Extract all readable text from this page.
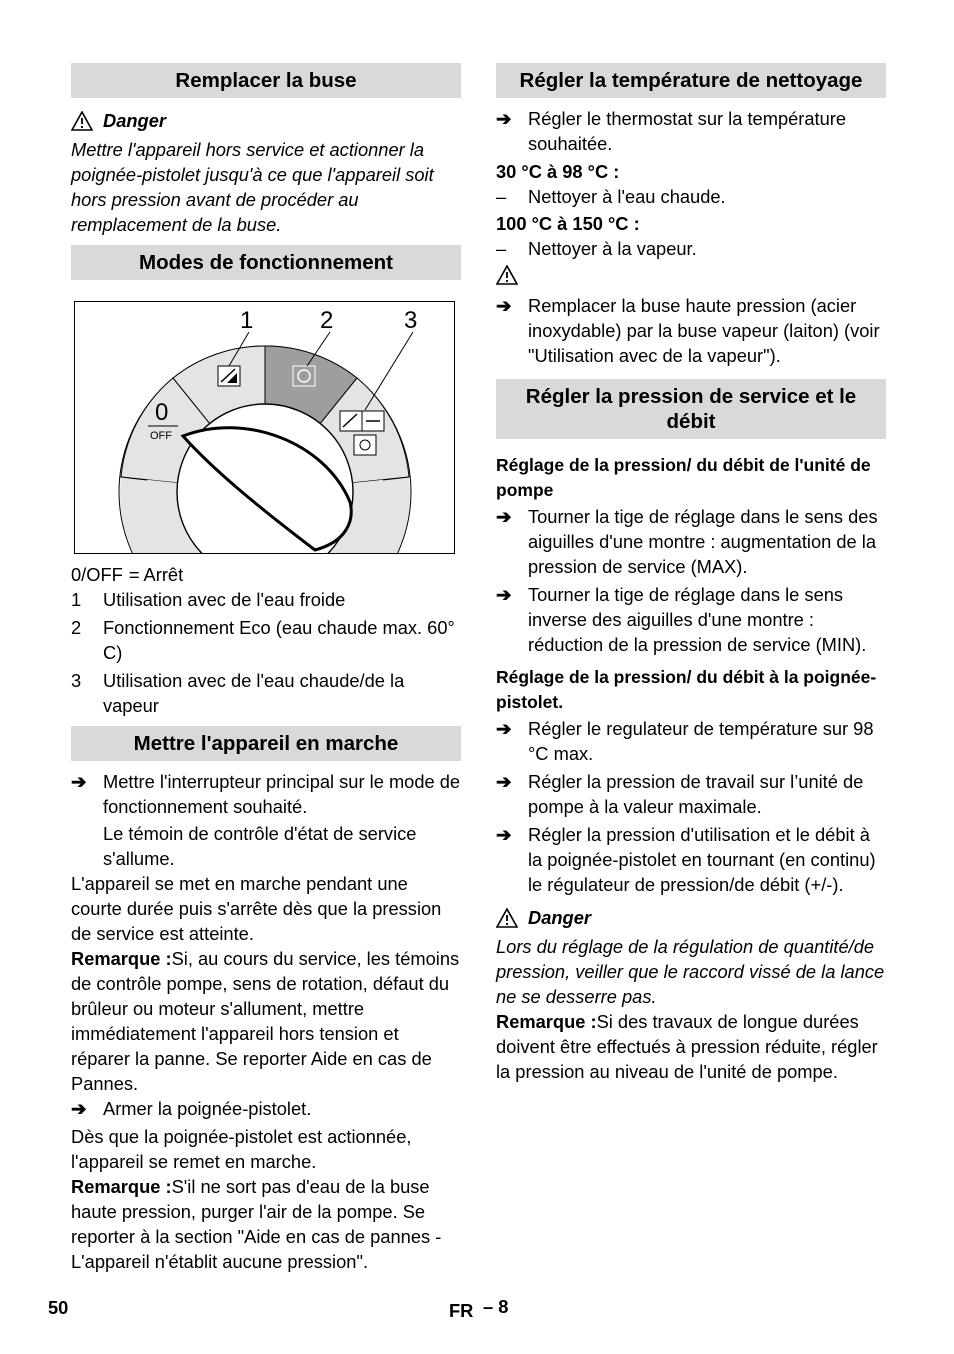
Remplacer la buse
Danger

Mettre l'appareil hors service et actionner la poignée-pistolet jusqu'à ce que l'appareil soit hors pression avant de procéder au remplacement de la buse.

Modes de fonctionnement
1	2	3
0
OFF
0/OFF = Arrêt
1	Utilisation avec de l'eau froide
2	Fonctionnement Eco (eau chaude max. 60° C)
3	Utilisation avec de l'eau chaude/de la vapeur
Mettre l'appareil en marche
➔ Mettre l'interrupteur principal sur le mode de fonctionnement souhaité.

Le témoin de contrôle d'état de service s'allume.

L'appareil se met en marche pendant une courte durée puis s'arrête dès que la pression de service est atteinte.

Remarque :Si, au cours du service, les témoins de contrôle pompe, sens de rotation, défaut du brûleur ou moteur s'allument, mettre immédiatement l'appareil hors tension et réparer la panne. Se reporter Aide en cas de Pannes.

➔ Armer la poignée-pistolet.

Dès que la poignée-pistolet est actionnée, l'appareil se remet en marche.

Remarque :S'il ne sort pas d'eau de la buse haute pression, purger l'air de la pompe. Se reporter à la section "Aide en cas de pannes - L'appareil n'établit aucune pression".

Régler la température de nettoyage
➔ Régler le thermostat sur la température souhaitée.

30 °C à 98 °C :

–	Nettoyer à l'eau chaude.

100 °C à 150 °C :

–	Nettoyer à la vapeur.
➔ Remplacer la buse haute pression (acier inoxydable) par la buse vapeur (laiton) (voir "Utilisation avec de la vapeur").
Régler la pression de service et le débit

Réglage de la pression/ du débit de l'unité de pompe

➔ Tourner la tige de réglage dans le sens des aiguilles d'une montre : augmentation de la pression de service (MAX).
➔ Tourner la tige de réglage dans le sens inverse des aiguilles d'une montre : réduction de la pression de service (MIN).

Réglage de la pression/ du débit à la poignée-pistolet.

➔ Régler le regulateur de température sur 98 °C max.
➔ Régler la pression de travail sur l’unité de pompe à la valeur maximale.
➔ Régler la pression d'utilisation et le débit à la poignée-pistolet en tournant (en continu) le régulateur de pression/de débit (+/-).
Danger

Lors du réglage de la régulation de quantité/de pression, veiller que le raccord vissé de la lance ne se desserre pas.

Remarque :Si des travaux de longue durées doivent être effectués à pression réduite, régler la pression au niveau de l'unité de pompe.

50	FR – 8
